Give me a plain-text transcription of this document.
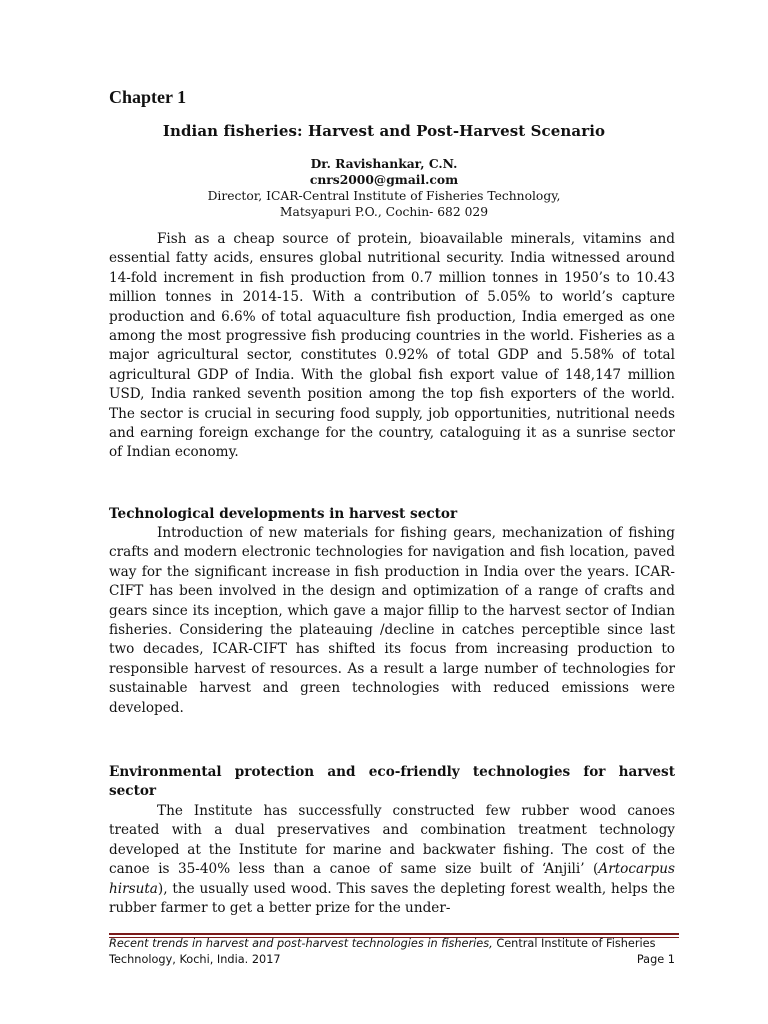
Chapter 1
Indian fisheries: Harvest and Post-Harvest Scenario
Dr. Ravishankar, C.N.
cnrs2000@gmail.com
Director, ICAR-Central Institute of Fisheries Technology,
Matsyapuri P.O., Cochin- 682 029

Fish as a cheap source of protein, bioavailable minerals, vitamins and essential fatty acids, ensures global nutritional security. India witnessed around 14-fold increment in fish production from 0.7 million tonnes in 1950’s to 10.43 million tonnes in 2014-15. With a contribution of 5.05% to world’s capture production and 6.6% of total aquaculture fish production, India emerged as one among the most progressive fish producing countries in the world. Fisheries as a major agricultural sector, constitutes 0.92% of total GDP and 5.58% of total agricultural GDP of India. With the global fish export value of 148,147 million USD, India ranked seventh position among the top fish exporters of the world. The sector is crucial in securing food supply, job opportunities, nutritional needs and earning foreign exchange for the country, cataloguing it as a sunrise sector of Indian economy.

Technological developments in harvest sector

Introduction of new materials for fishing gears, mechanization of fishing crafts and modern electronic technologies for navigation and fish location, paved way for the significant increase in fish production in India over the years. ICAR-CIFT has been involved in the design and optimization of a range of crafts and gears since its inception, which gave a major fillip to the harvest sector of Indian fisheries. Considering the plateauing /decline in catches perceptible since last two decades, ICAR-CIFT has shifted its focus from increasing production to responsible harvest of resources. As a result a large number of technologies for sustainable harvest and green technologies with reduced emissions were developed.

Environmental protection and eco-friendly technologies for harvest sector

The Institute has successfully constructed few rubber wood canoes treated with a dual preservatives and combination treatment technology developed at the Institute for marine and backwater fishing. The cost of the canoe is 35-40% less than a canoe of same size built of ‘Anjili’ (Artocarpus hirsuta), the usually used wood. This saves the depleting forest wealth, helps the rubber farmer to get a better prize for the under-

Recent trends in harvest and post-harvest technologies in fisheries, Central Institute of Fisheries Technology, Kochi, India. 2017	Page 1
